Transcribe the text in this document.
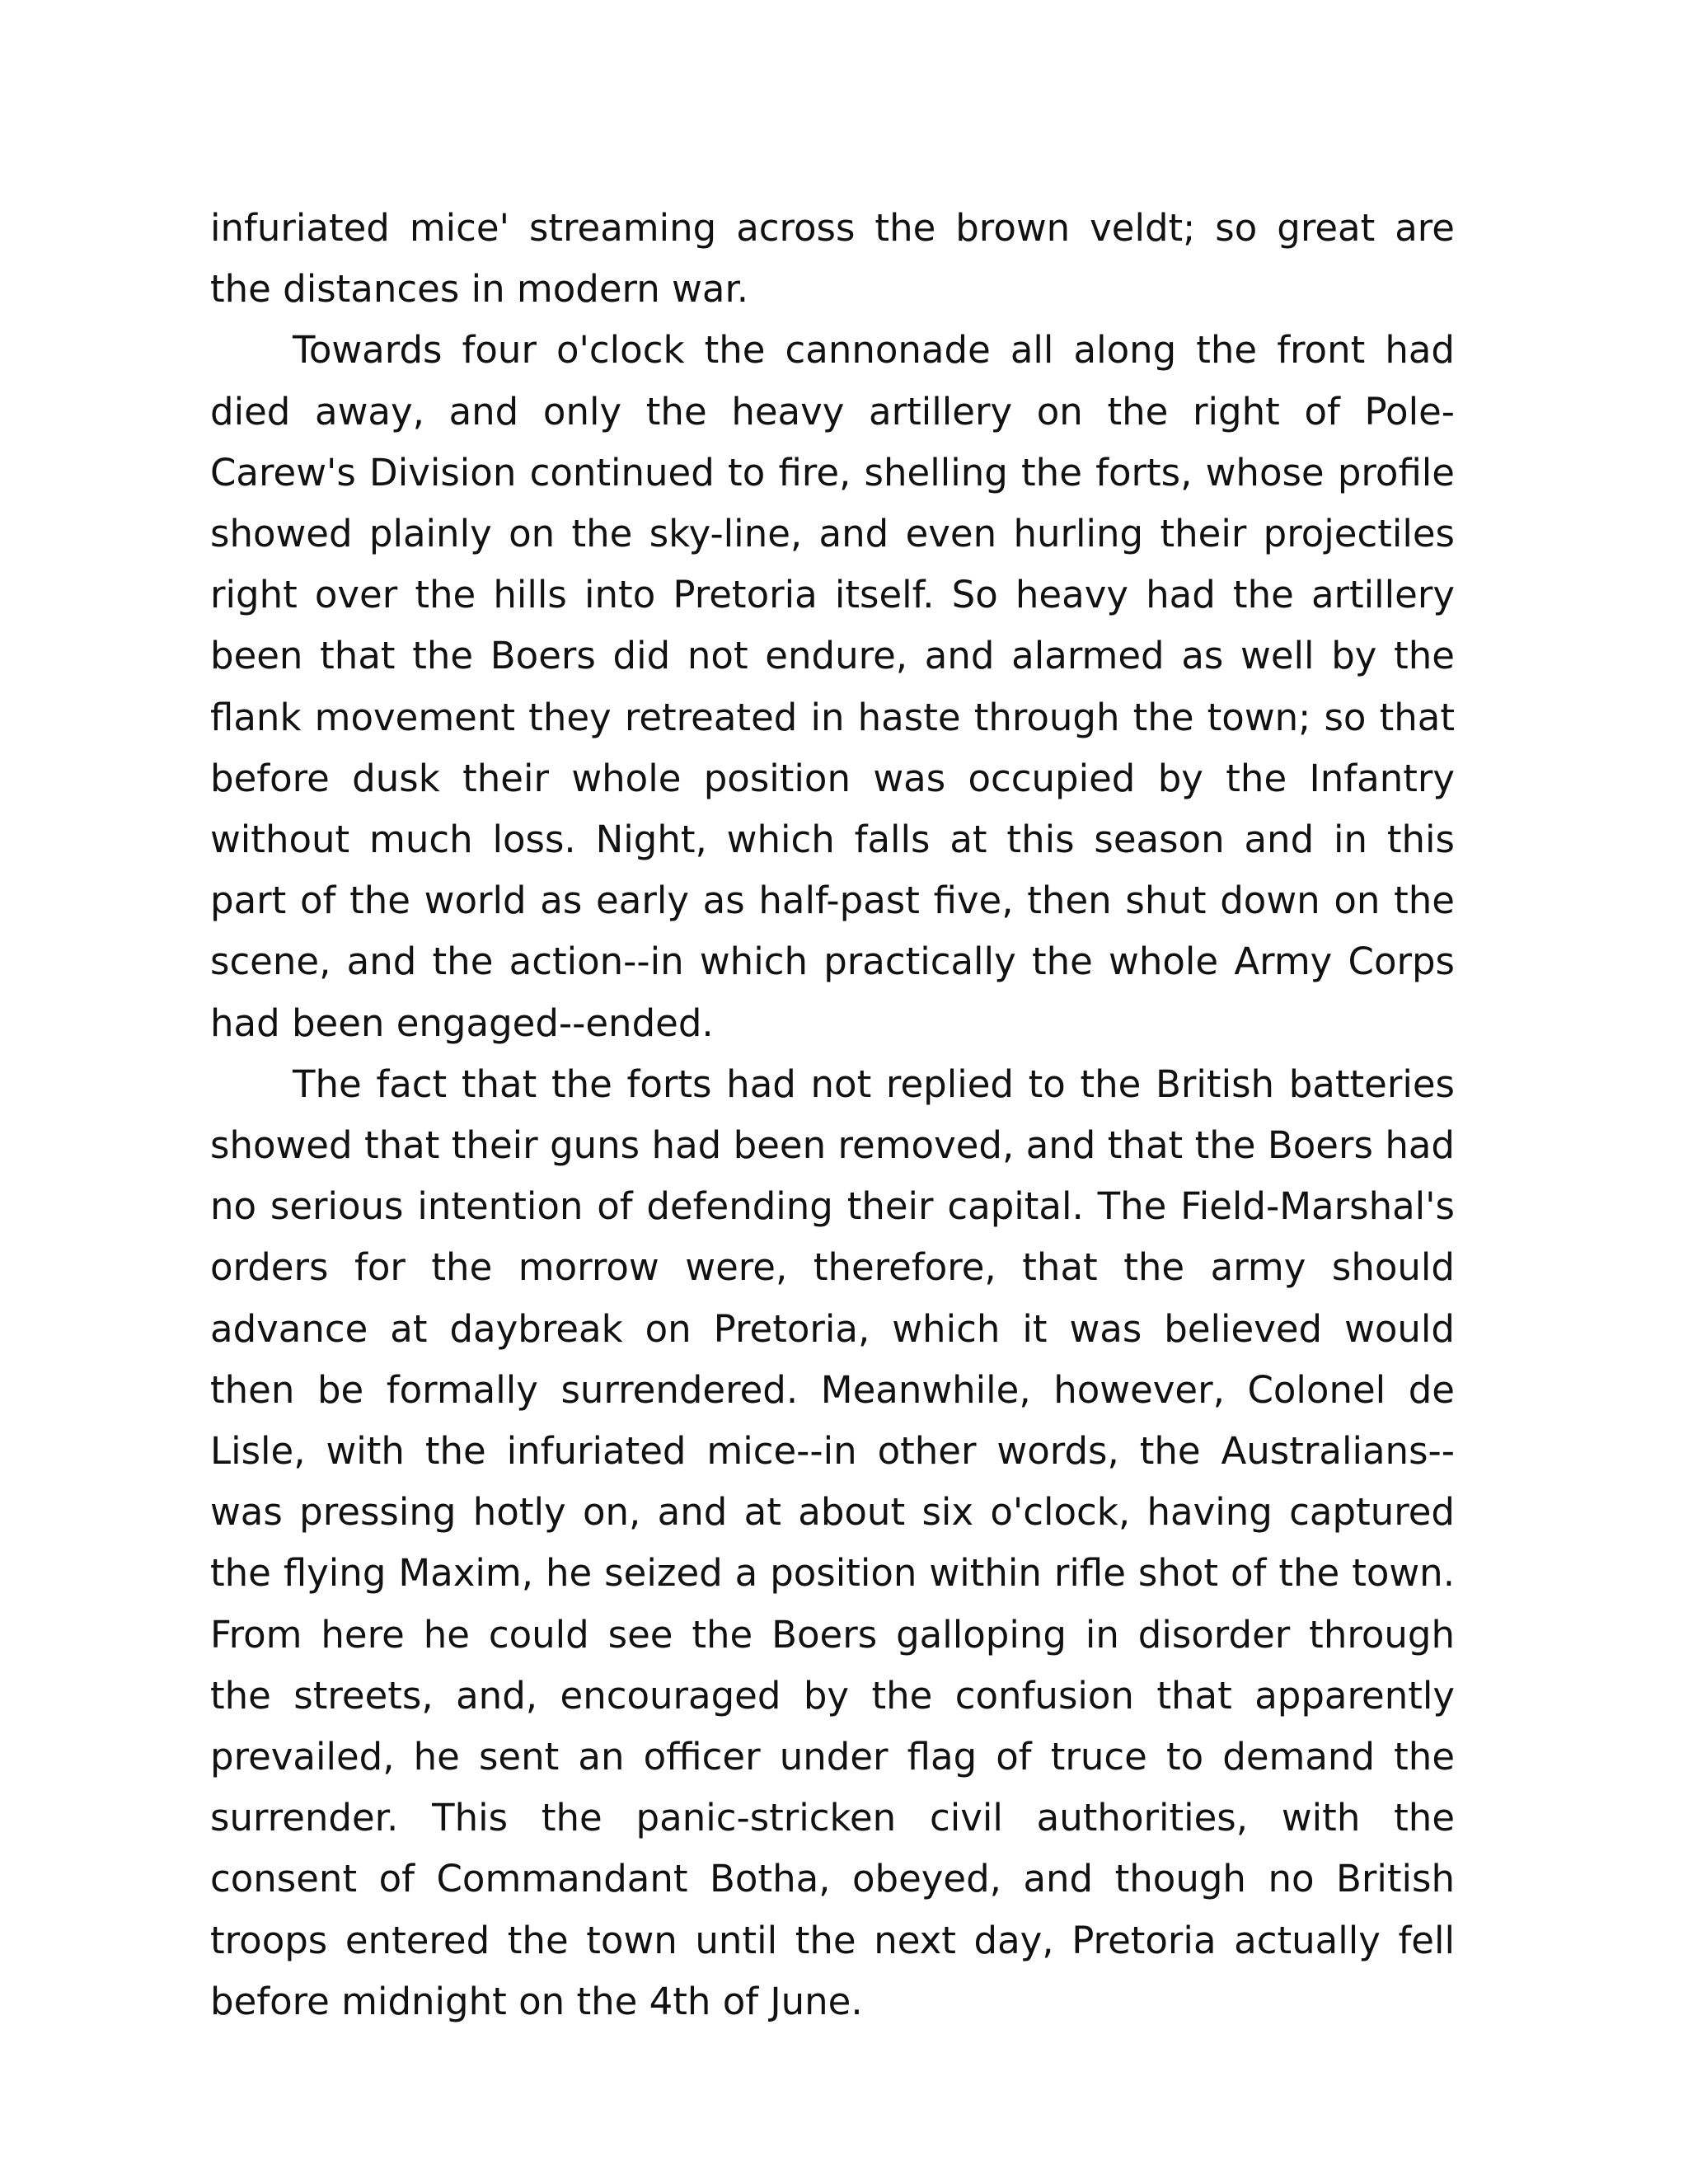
infuriated mice' streaming across the brown veldt; so great are the distances in modern war.

Towards four o'clock the cannonade all along the front had died away, and only the heavy artillery on the right of Pole-Carew's Division continued to fire, shelling the forts, whose profile showed plainly on the sky-line, and even hurling their projectiles right over the hills into Pretoria itself. So heavy had the artillery been that the Boers did not endure, and alarmed as well by the flank movement they retreated in haste through the town; so that before dusk their whole position was occupied by the Infantry without much loss. Night, which falls at this season and in this part of the world as early as half-past five, then shut down on the scene, and the action--in which practically the whole Army Corps had been engaged--ended.

The fact that the forts had not replied to the British batteries showed that their guns had been removed, and that the Boers had no serious intention of defending their capital. The Field-Marshal's orders for the morrow were, therefore, that the army should advance at daybreak on Pretoria, which it was believed would then be formally surrendered. Meanwhile, however, Colonel de Lisle, with the infuriated mice--in other words, the Australians--was pressing hotly on, and at about six o'clock, having captured the flying Maxim, he seized a position within rifle shot of the town. From here he could see the Boers galloping in disorder through the streets, and, encouraged by the confusion that apparently prevailed, he sent an officer under flag of truce to demand the surrender. This the panic-stricken civil authorities, with the consent of Commandant Botha, obeyed, and though no British troops entered the town until the next day, Pretoria actually fell before midnight on the 4th of June.
